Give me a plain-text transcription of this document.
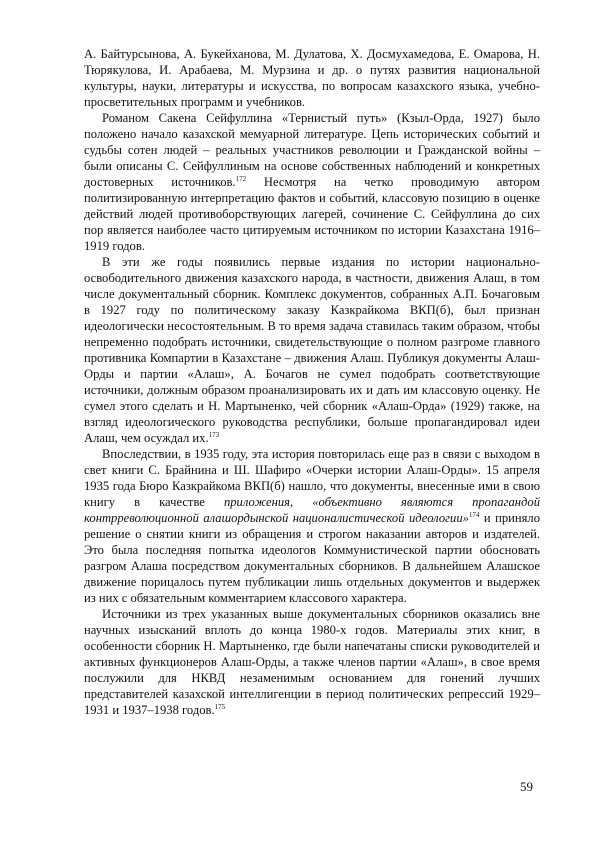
А. Байтурсынова, А. Букейханова, М. Дулатова, Х. Досмухамедова, Е. Омарова, Н. Тюрякулова, И. Арабаева, М. Мурзина и др. о путях развития национальной культуры, науки, литературы и искусства, по вопросам казахского языка, учебно-просветительных программ и учебников.

Романом Сакена Сейфуллина «Тернистый путь» (Кзыл-Орда, 1927) было положено начало казахской мемуарной литературе. Цепь исторических событий и судьбы сотен людей – реальных участников революции и Гражданской войны – были описаны С. Сейфуллиным на основе собственных наблюдений и конкретных достоверных источников.$^{172}$ Несмотря на четко проводимую автором политизированную интерпретацию фактов и событий, классовую позицию в оценке действий людей противоборствующих лагерей, сочинение С. Сейфуллина до сих пор является наиболее часто цитируемым источником по истории Казахстана 1916–1919 годов.

В эти же годы появились первые издания по истории национально-освободительного движения казахского народа, в частности, движения Алаш, в том числе документальный сборник. Комплекс документов, собранных А.П. Бочаговым в 1927 году по политическому заказу Казкрайкома ВКП(б), был признан идеологически несостоятельным. В то время задача ставилась таким образом, чтобы непременно подобрать источники, свидетельствующие о полном разгроме главного противника Компартии в Казахстане – движения Алаш. Публикуя документы Алаш-Орды и партии «Алаш», А. Бочагов не сумел подобрать соответствующие источники, должным образом проанализировать их и дать им классовую оценку. Не сумел этого сделать и Н. Мартыненко, чей сборник «Алаш-Орда» (1929) также, на взгляд идеологического руководства республики, больше пропагандировал идеи Алаш, чем осуждал их.$^{173}$

Впоследствии, в 1935 году, эта история повторилась еще раз в связи с выходом в свет книги С. Брайнина и Ш. Шафиро «Очерки истории Алаш-Орды». 15 апреля 1935 года Бюро Казкрайкома ВКП(б) нашло, что документы, внесенные ими в свою книгу в качестве приложения, «объективно являются пропагандой контрреволюционной алашордынской националистической идеологии»$^{174}$ и приняло решение о снятии книги из обращения и строгом наказании авторов и издателей. Это была последняя попытка идеологов Коммунистической партии обосновать разгром Алаша посредством документальных сборников. В дальнейшем Алашское движение порицалось путем публикации лишь отдельных документов и выдержек из них с обязательным комментарием классового характера.

Источники из трех указанных выше документальных сборников оказались вне научных изысканий вплоть до конца 1980-х годов. Материалы этих книг, в особенности сборник Н. Мартыненко, где были напечатаны списки руководителей и активных функционеров Алаш-Орды, а также членов партии «Алаш», в свое время послужили для НКВД незаменимым основанием для гонений лучших представителей казахской интеллигенции в период политических репрессий 1929–1931 и 1937–1938 годов.$^{175}$

59
